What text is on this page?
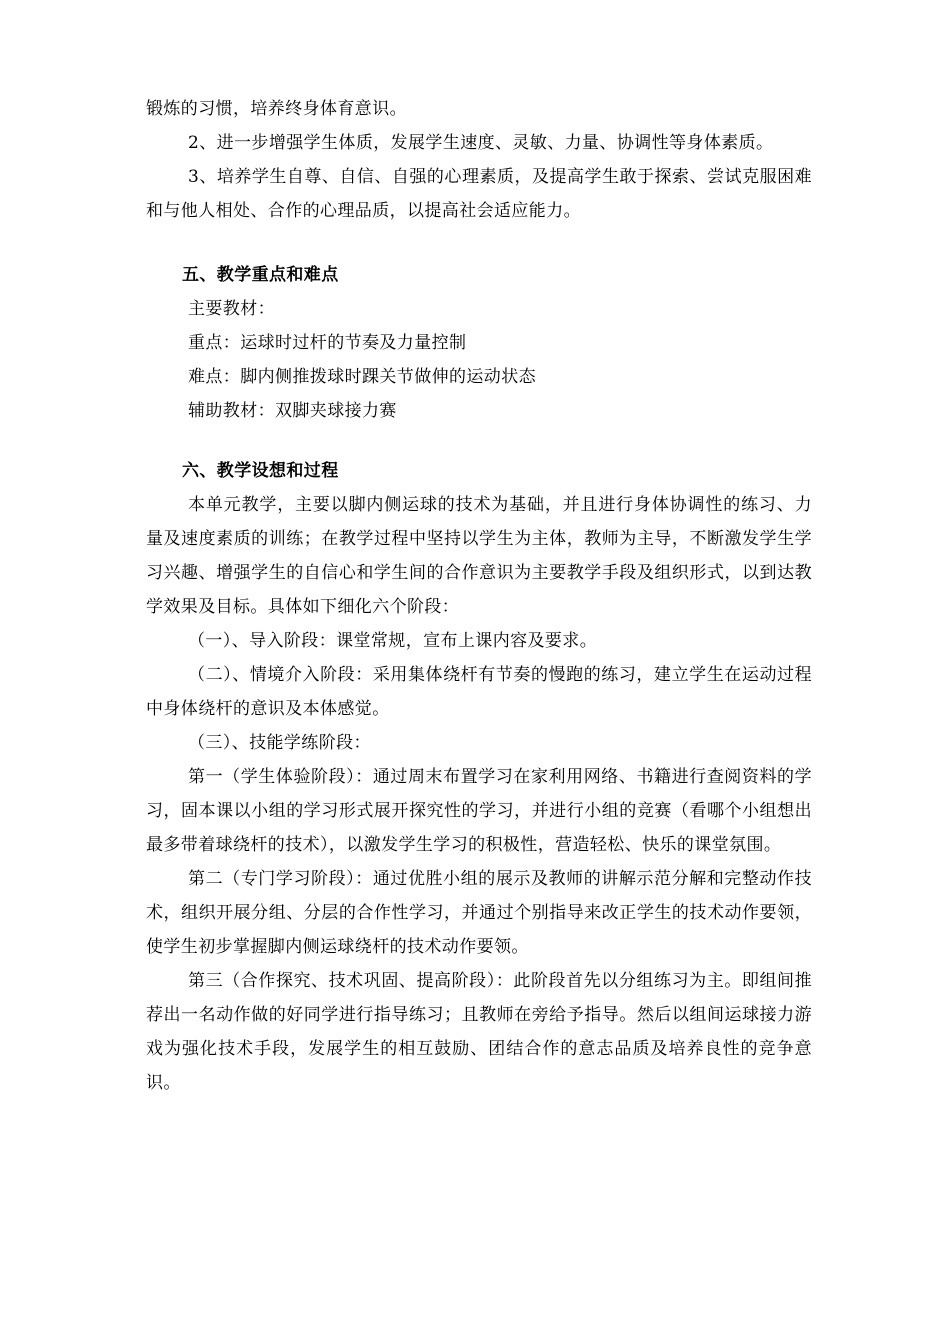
锻炼的习惯，培养终身体育意识。

2、进一步增强学生体质，发展学生速度、灵敏、力量、协调性等身体素质。

3、培养学生自尊、自信、自强的心理素质，及提高学生敢于探索、尝试克服困难和与他人相处、合作的心理品质，以提高社会适应能力。

五、教学重点和难点

主要教材：

重点：运球时过杆的节奏及力量控制

难点：脚内侧推拨球时踝关节做伸的运动状态

辅助教材：双脚夹球接力赛

六、教学设想和过程

本单元教学，主要以脚内侧运球的技术为基础，并且进行身体协调性的练习、力量及速度素质的训练；在教学过程中坚持以学生为主体，教师为主导，不断激发学生学习兴趣、增强学生的自信心和学生间的合作意识为主要教学手段及组织形式，以到达教学效果及目标。具体如下细化六个阶段：

（一）、导入阶段：课堂常规，宣布上课内容及要求。

（二）、情境介入阶段：采用集体绕杆有节奏的慢跑的练习，建立学生在运动过程中身体绕杆的意识及本体感觉。

（三）、技能学练阶段：

第一（学生体验阶段）：通过周末布置学习在家利用网络、书籍进行查阅资料的学习，固本课以小组的学习形式展开探究性的学习，并进行小组的竞赛（看哪个小组想出最多带着球绕杆的技术），以激发学生学习的积极性，营造轻松、快乐的课堂氛围。

第二（专门学习阶段）：通过优胜小组的展示及教师的讲解示范分解和完整动作技术，组织开展分组、分层的合作性学习，并通过个别指导来改正学生的技术动作要领，使学生初步掌握脚内侧运球绕杆的技术动作要领。

第三（合作探究、技术巩固、提高阶段）：此阶段首先以分组练习为主。即组间推荐出一名动作做的好同学进行指导练习；且教师在旁给予指导。然后以组间运球接力游戏为强化技术手段，发展学生的相互鼓励、团结合作的意志品质及培养良性的竞争意识。
